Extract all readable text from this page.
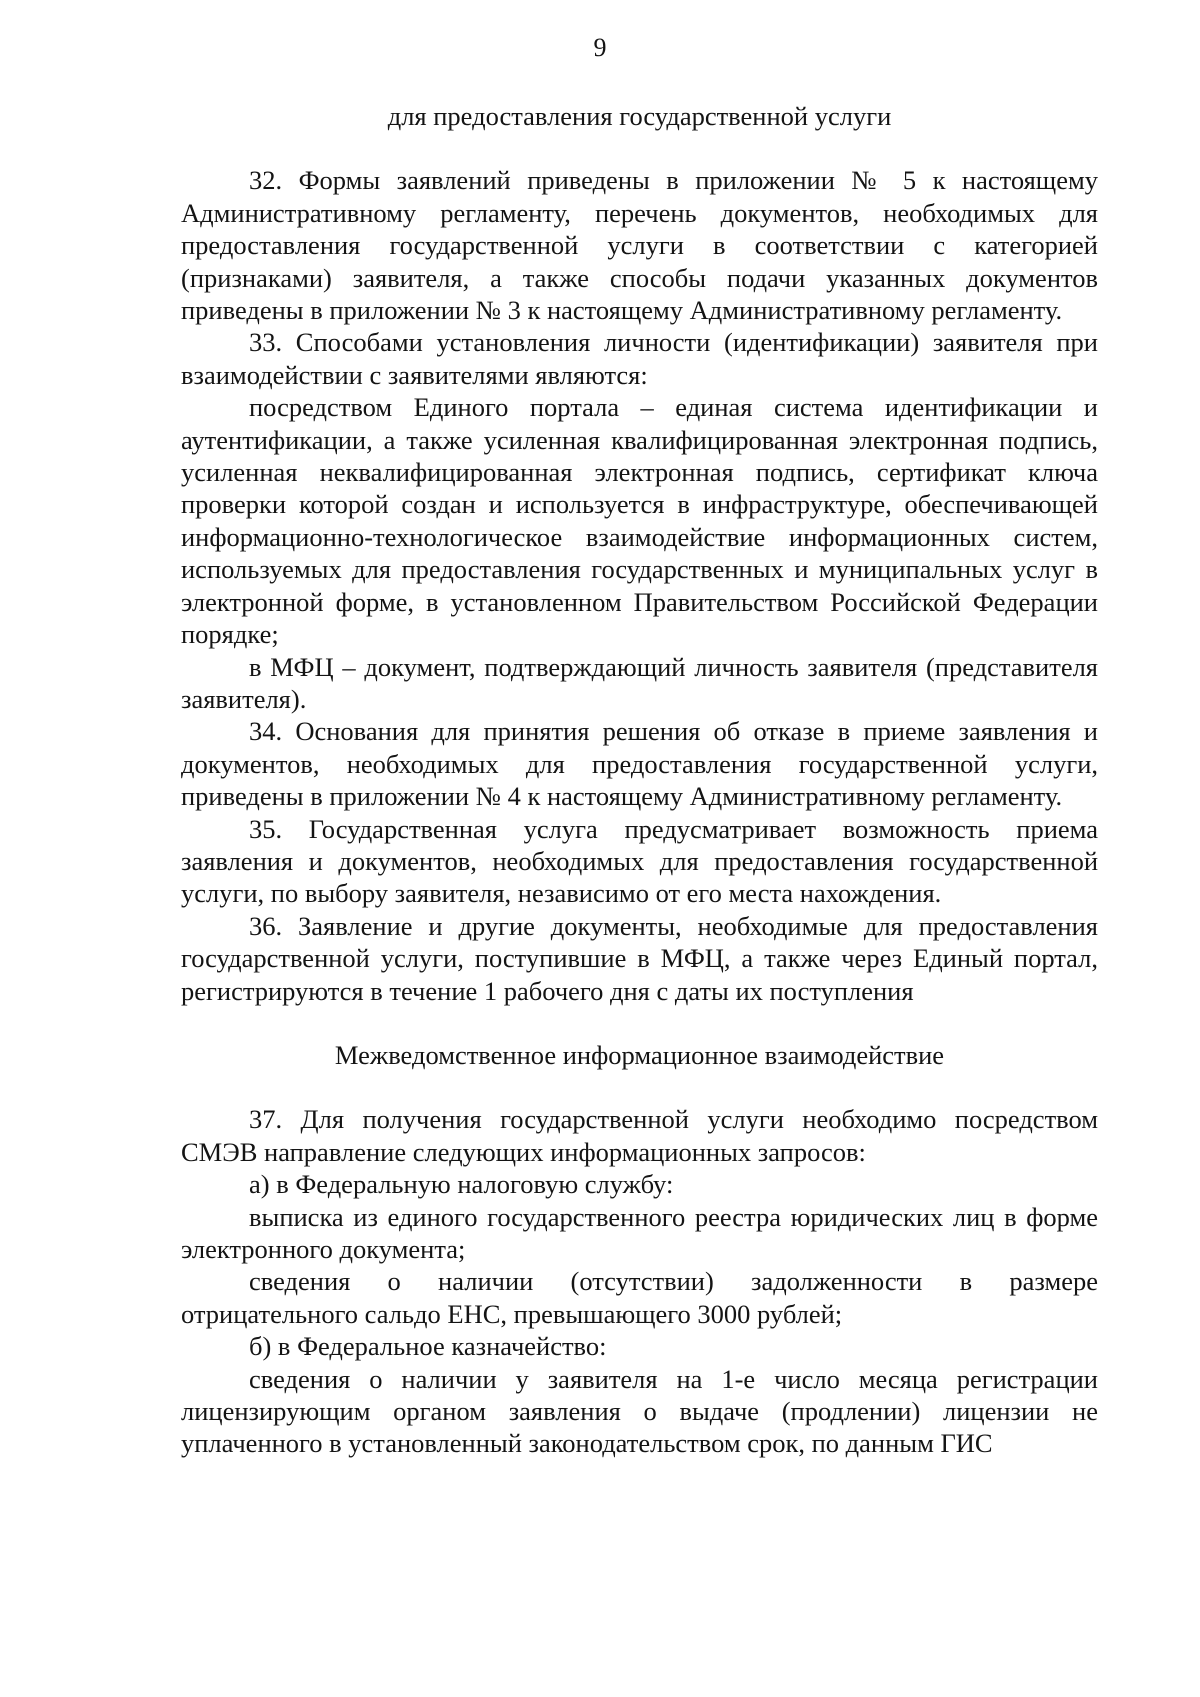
9

для предоставления государственной услуги

32. Формы заявлений приведены в приложении № 5 к настоящему Административному регламенту, перечень документов, необходимых для предоставления государственной услуги в соответствии с категорией (признаками) заявителя, а также способы подачи указанных документов приведены в приложении № 3 к настоящему Административному регламенту.

33. Способами установления личности (идентификации) заявителя при взаимодействии с заявителями являются:

посредством Единого портала – единая система идентификации и аутентификации, а также усиленная квалифицированная электронная подпись, усиленная неквалифицированная электронная подпись, сертификат ключа проверки которой создан и используется в инфраструктуре, обеспечивающей информационно-технологическое взаимодействие информационных систем, используемых для предоставления государственных и муниципальных услуг в электронной форме, в установленном Правительством Российской Федерации порядке;

в МФЦ – документ, подтверждающий личность заявителя (представителя заявителя).

34. Основания для принятия решения об отказе в приеме заявления и документов, необходимых для предоставления государственной услуги, приведены в приложении № 4 к настоящему Административному регламенту.

35. Государственная услуга предусматривает возможность приема заявления и документов, необходимых для предоставления государственной услуги, по выбору заявителя, независимо от его места нахождения.

36. Заявление и другие документы, необходимые для предоставления государственной услуги, поступившие в МФЦ, а также через Единый портал, регистрируются в течение 1 рабочего дня с даты их поступления

Межведомственное информационное взаимодействие

37. Для получения государственной услуги необходимо посредством СМЭВ направление следующих информационных запросов:

а) в Федеральную налоговую службу:

выписка из единого государственного реестра юридических лиц в форме электронного документа;

сведения о наличии (отсутствии) задолженности в размере отрицательного сальдо ЕНС, превышающего 3000 рублей;

б) в Федеральное казначейство:

сведения о наличии у заявителя на 1-е число месяца регистрации лицензирующим органом заявления о выдаче (продлении) лицензии не уплаченного в установленный законодательством срок, по данным ГИС
